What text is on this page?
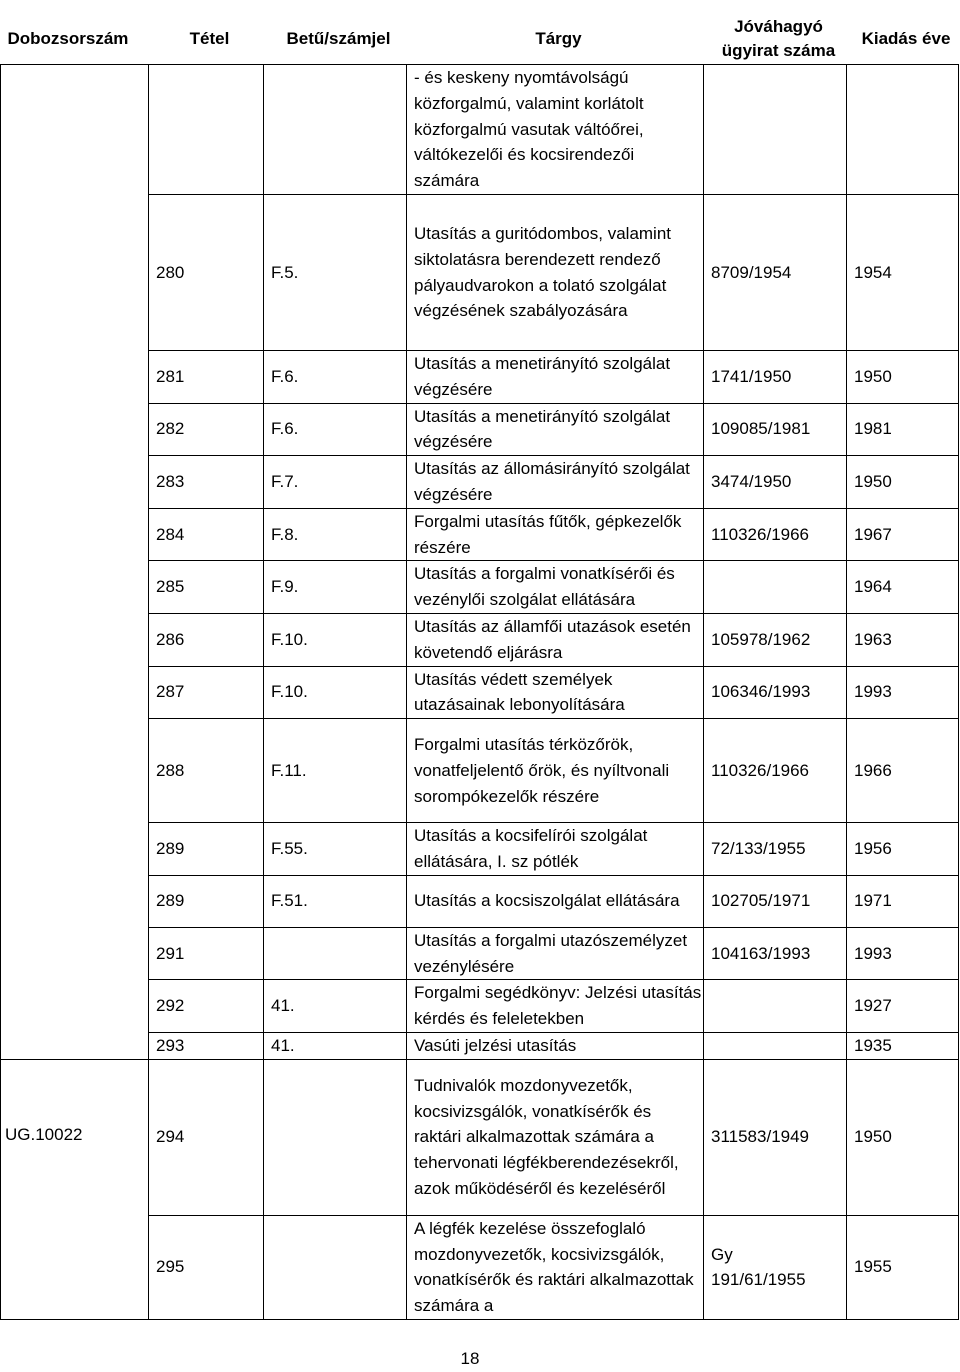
Dobozsorszám	Tétel	Betű/számjel	Tárgy	Jóváhagyó ügyirat száma	Kiadás éve
			- és keskeny nyomtávolságú közforgalmú, valamint korlátolt közforgalmú vasutak váltóőrei, váltókezelői és kocsirendezői számára		
	280	F.5.	Utasítás a guritódombos, valamint siktolatásra berendezett rendező pályaudvarokon a tolató szolgálat végzésének szabályozására	8709/1954	1954
	281	F.6.	Utasítás a menetirányító szolgálat végzésére	1741/1950	1950
	282	F.6.	Utasítás a menetirányító szolgálat végzésére	109085/1981	1981
	283	F.7.	Utasítás az állomásirányító szolgálat végzésére	3474/1950	1950
	284	F.8.	Forgalmi utasítás fűtők, gépkezelők részére	110326/1966	1967
	285	F.9.	Utasítás a forgalmi vonatkísérői és vezénylői szolgálat ellátására		1964
	286	F.10.	Utasítás az államfői utazások esetén követendő eljárásra	105978/1962	1963
	287	F.10.	Utasítás védett személyek utazásainak lebonyolítására	106346/1993	1993
	288	F.11.	Forgalmi utasítás térközőrök, vonatfeljelentő őrök, és nyíltvonali sorompókezelők részére	110326/1966	1966
	289	F.55.	Utasítás a kocsifelírói szolgálat ellátására, I. sz pótlék	72/133/1955	1956
	289	F.51.	Utasítás a kocsiszolgálat ellátására	102705/1971	1971
	291		Utasítás a forgalmi utazószemélyzet vezénylésére	104163/1993	1993
	292	41.	Forgalmi segédkönyv: Jelzési utasítás kérdés és feleletekben		1927
	293	41.	Vasúti jelzési utasítás		1935
UG.10022	294		Tudnivalók mozdonyvezetők, kocsivizsgálók, vonatkísérők és raktári alkalmazottak számára a tehervonati légfékberendezésekről, azok működéséről és kezeléséről	311583/1949	1950
	295		A légfék kezelése összefoglaló mozdonyvezetők, kocsivizsgálók, vonatkísérők és raktári alkalmazottak számára a	Gy 191/61/1955	1955
18
